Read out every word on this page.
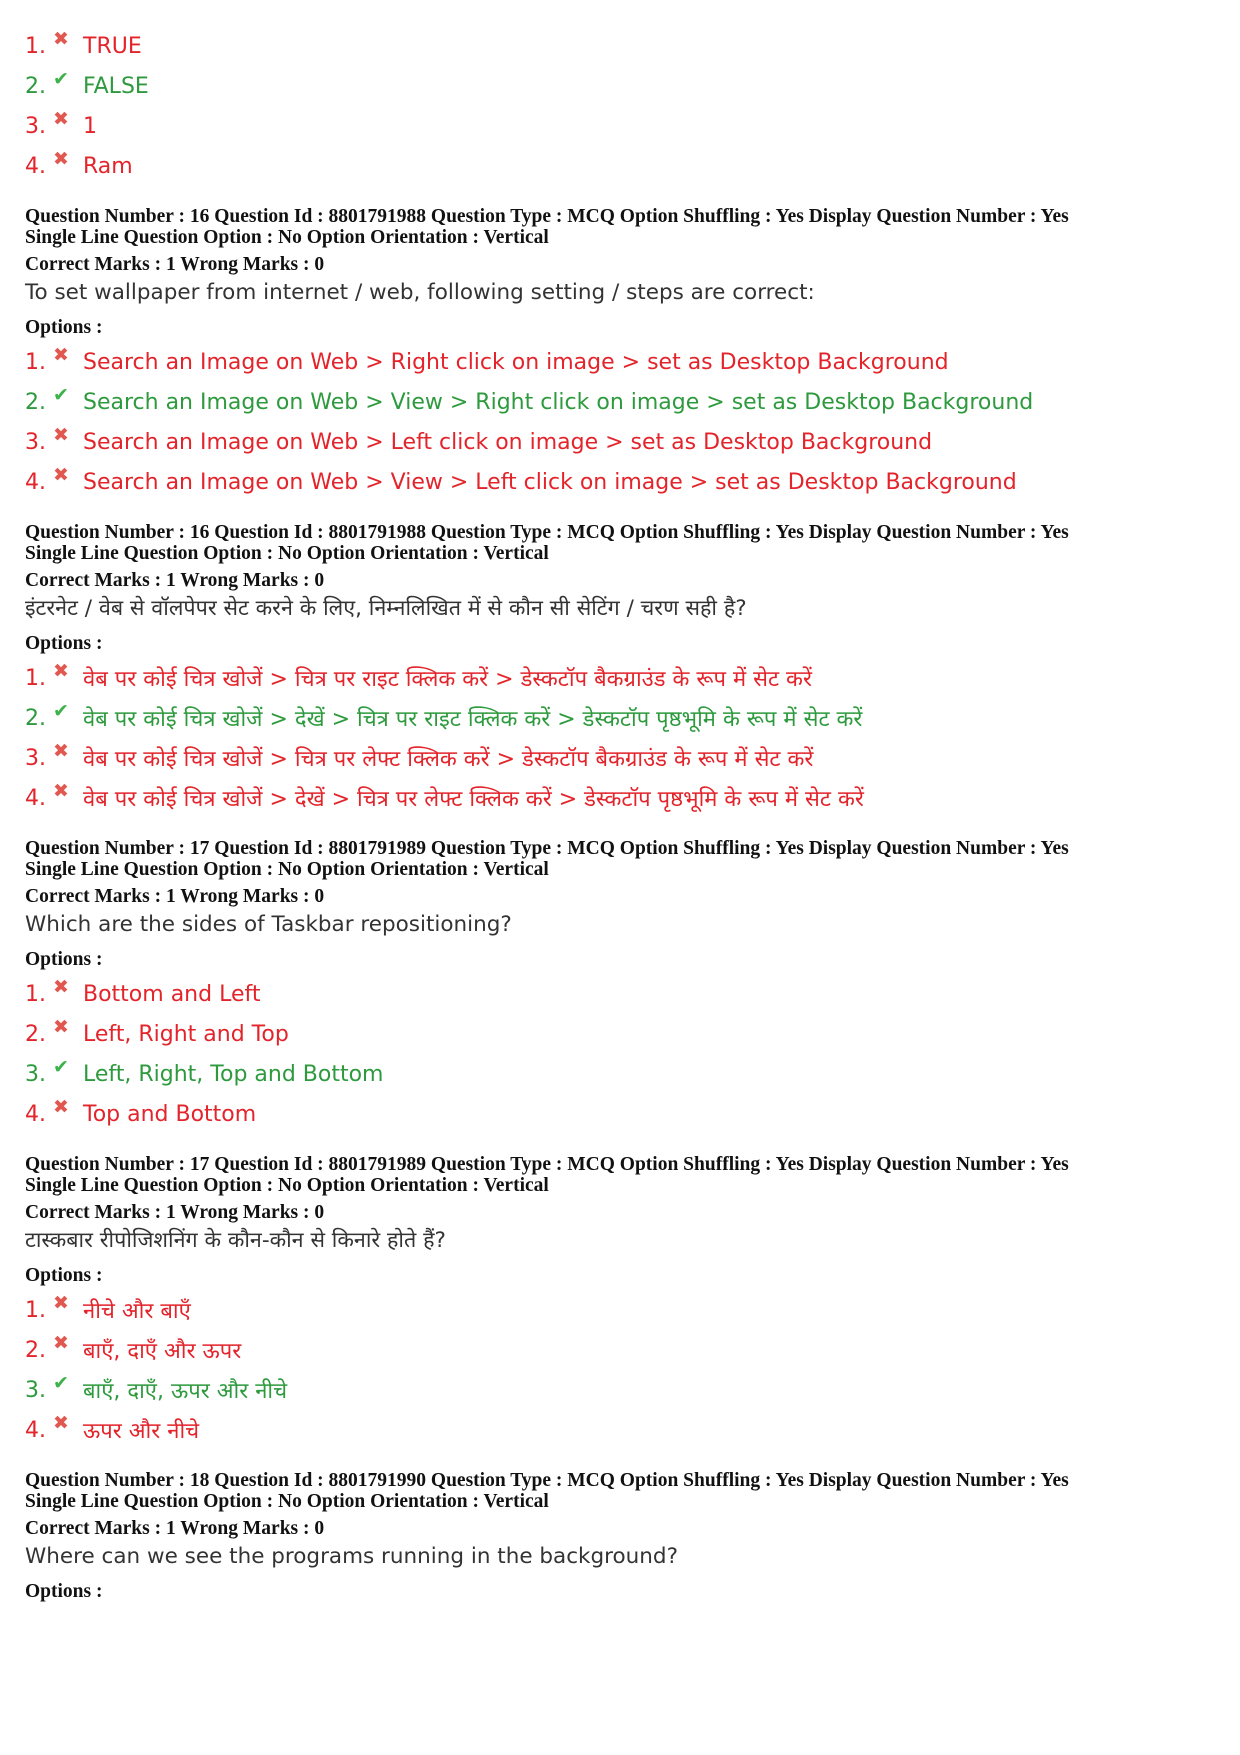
1. ✖ TRUE
2. ✔ FALSE
3. ✖ 1
4. ✖ Ram
Question Number : 16 Question Id : 8801791988 Question Type : MCQ Option Shuffling : Yes Display Question Number : Yes
Single Line Question Option : No Option Orientation : Vertical
Correct Marks : 1 Wrong Marks : 0
To set wallpaper from internet / web, following setting / steps are correct:
Options :
1. ✖ Search an Image on Web > Right click on image > set as Desktop Background
2. ✔ Search an Image on Web > View > Right click on image > set as Desktop Background
3. ✖ Search an Image on Web > Left click on image > set as Desktop Background
4. ✖ Search an Image on Web > View > Left click on image > set as Desktop Background
Question Number : 16 Question Id : 8801791988 Question Type : MCQ Option Shuffling : Yes Display Question Number : Yes
Single Line Question Option : No Option Orientation : Vertical
Correct Marks : 1 Wrong Marks : 0
इंटरनेट / वेब से वॉलपेपर सेट करने के लिए, निम्नलिखित में से कौन सी सेटिंग / चरण सही है?
Options :
1. ✖ वेब पर कोई चित्र खोजें > चित्र पर राइट क्लिक करें > डेस्कटॉप बैकग्राउंड के रूप में सेट करें
2. ✔ वेब पर कोई चित्र खोजें > देखें > चित्र पर राइट क्लिक करें > डेस्कटॉप पृष्ठभूमि के रूप में सेट करें
3. ✖ वेब पर कोई चित्र खोजें > चित्र पर लेफ्ट क्लिक करें > डेस्कटॉप बैकग्राउंड के रूप में सेट करें
4. ✖ वेब पर कोई चित्र खोजें > देखें > चित्र पर लेफ्ट क्लिक करें > डेस्कटॉप पृष्ठभूमि के रूप में सेट करें
Question Number : 17 Question Id : 8801791989 Question Type : MCQ Option Shuffling : Yes Display Question Number : Yes
Single Line Question Option : No Option Orientation : Vertical
Correct Marks : 1 Wrong Marks : 0
Which are the sides of Taskbar repositioning?
Options :
1. ✖ Bottom and Left
2. ✖ Left, Right and Top
3. ✔ Left, Right, Top and Bottom
4. ✖ Top and Bottom
Question Number : 17 Question Id : 8801791989 Question Type : MCQ Option Shuffling : Yes Display Question Number : Yes
Single Line Question Option : No Option Orientation : Vertical
Correct Marks : 1 Wrong Marks : 0
टास्कबार रीपोजिशनिंग के कौन-कौन से किनारे होते हैं?
Options :
1. ✖ नीचे और बाएँ
2. ✖ बाएँ, दाएँ और ऊपर
3. ✔ बाएँ, दाएँ, ऊपर और नीचे
4. ✖ ऊपर और नीचे
Question Number : 18 Question Id : 8801791990 Question Type : MCQ Option Shuffling : Yes Display Question Number : Yes
Single Line Question Option : No Option Orientation : Vertical
Correct Marks : 1 Wrong Marks : 0
Where can we see the programs running in the background?
Options :
